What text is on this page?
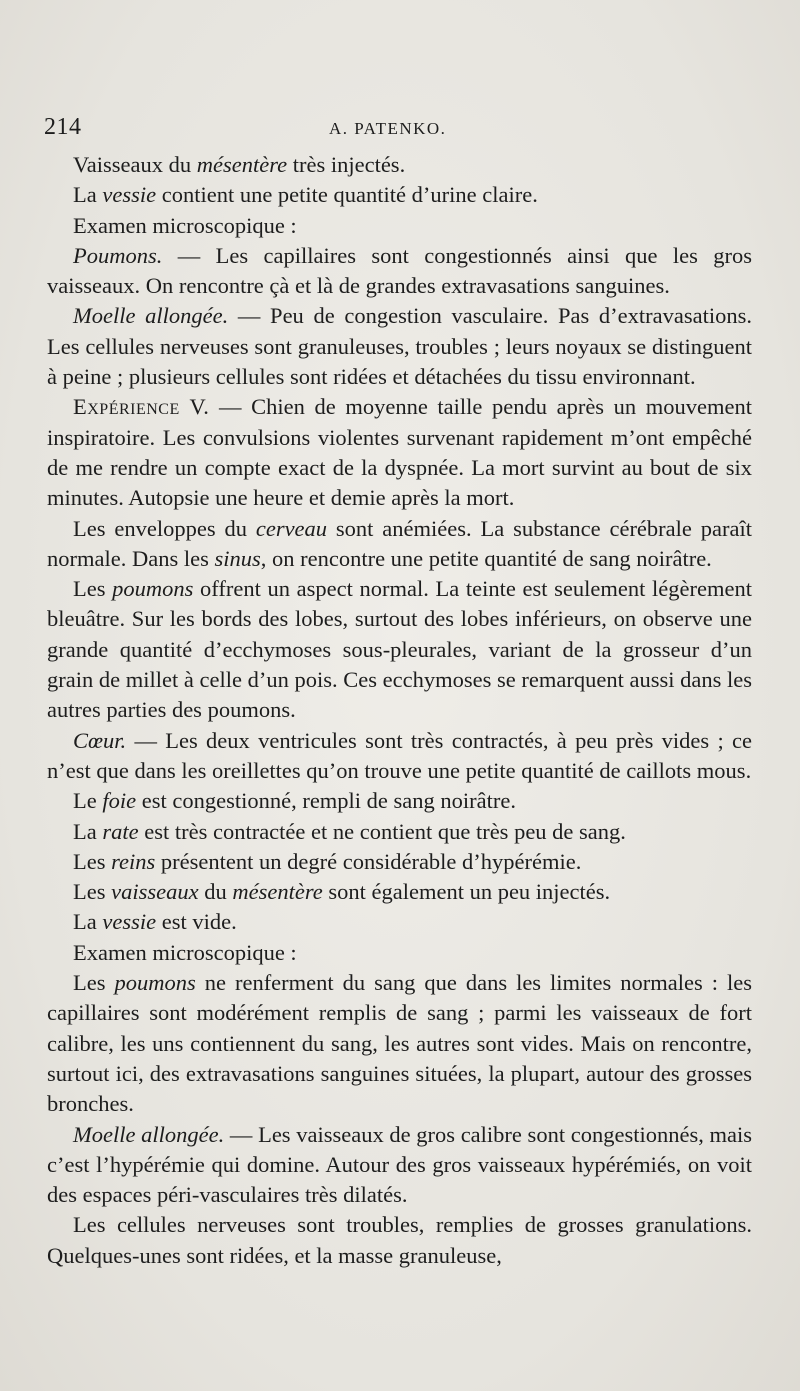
214	A. PATENKO.

Vaisseaux du mésentère très injectés.

La vessie contient une petite quantité d’urine claire.

Examen microscopique :

Poumons. — Les capillaires sont congestionnés ainsi que les gros vaisseaux. On rencontre çà et là de grandes extravasations sanguines.

Moelle allongée. — Peu de congestion vasculaire. Pas d’extravasations. Les cellules nerveuses sont granuleuses, troubles ; leurs noyaux se distinguent à peine ; plusieurs cellules sont ridées et détachées du tissu environnant.

Expérience V. — Chien de moyenne taille pendu après un mouvement inspiratoire. Les convulsions violentes survenant rapidement m’ont empêché de me rendre un compte exact de la dyspnée. La mort survint au bout de six minutes. Autopsie une heure et demie après la mort.

Les enveloppes du cerveau sont anémiées. La substance cérébrale paraît normale. Dans les sinus, on rencontre une petite quantité de sang noirâtre.

Les poumons offrent un aspect normal. La teinte est seulement légèrement bleuâtre. Sur les bords des lobes, surtout des lobes inférieurs, on observe une grande quantité d’ecchymoses sous-pleurales, variant de la grosseur d’un grain de millet à celle d’un pois. Ces ecchymoses se remarquent aussi dans les autres parties des poumons.

Cœur. — Les deux ventricules sont très contractés, à peu près vides ; ce n’est que dans les oreillettes qu’on trouve une petite quantité de caillots mous.

Le foie est congestionné, rempli de sang noirâtre.

La rate est très contractée et ne contient que très peu de sang.

Les reins présentent un degré considérable d’hypérémie.

Les vaisseaux du mésentère sont également un peu injectés.

La vessie est vide.

Examen microscopique :

Les poumons ne renferment du sang que dans les limites normales : les capillaires sont modérément remplis de sang ; parmi les vaisseaux de fort calibre, les uns contiennent du sang, les autres sont vides. Mais on rencontre, surtout ici, des extravasations sanguines situées, la plupart, autour des grosses bronches.

Moelle allongée. — Les vaisseaux de gros calibre sont congestionnés, mais c’est l’hypérémie qui domine. Autour des gros vaisseaux hypérémiés, on voit des espaces péri-vasculaires très dilatés.

Les cellules nerveuses sont troubles, remplies de grosses granulations. Quelques-unes sont ridées, et la masse granuleuse,
